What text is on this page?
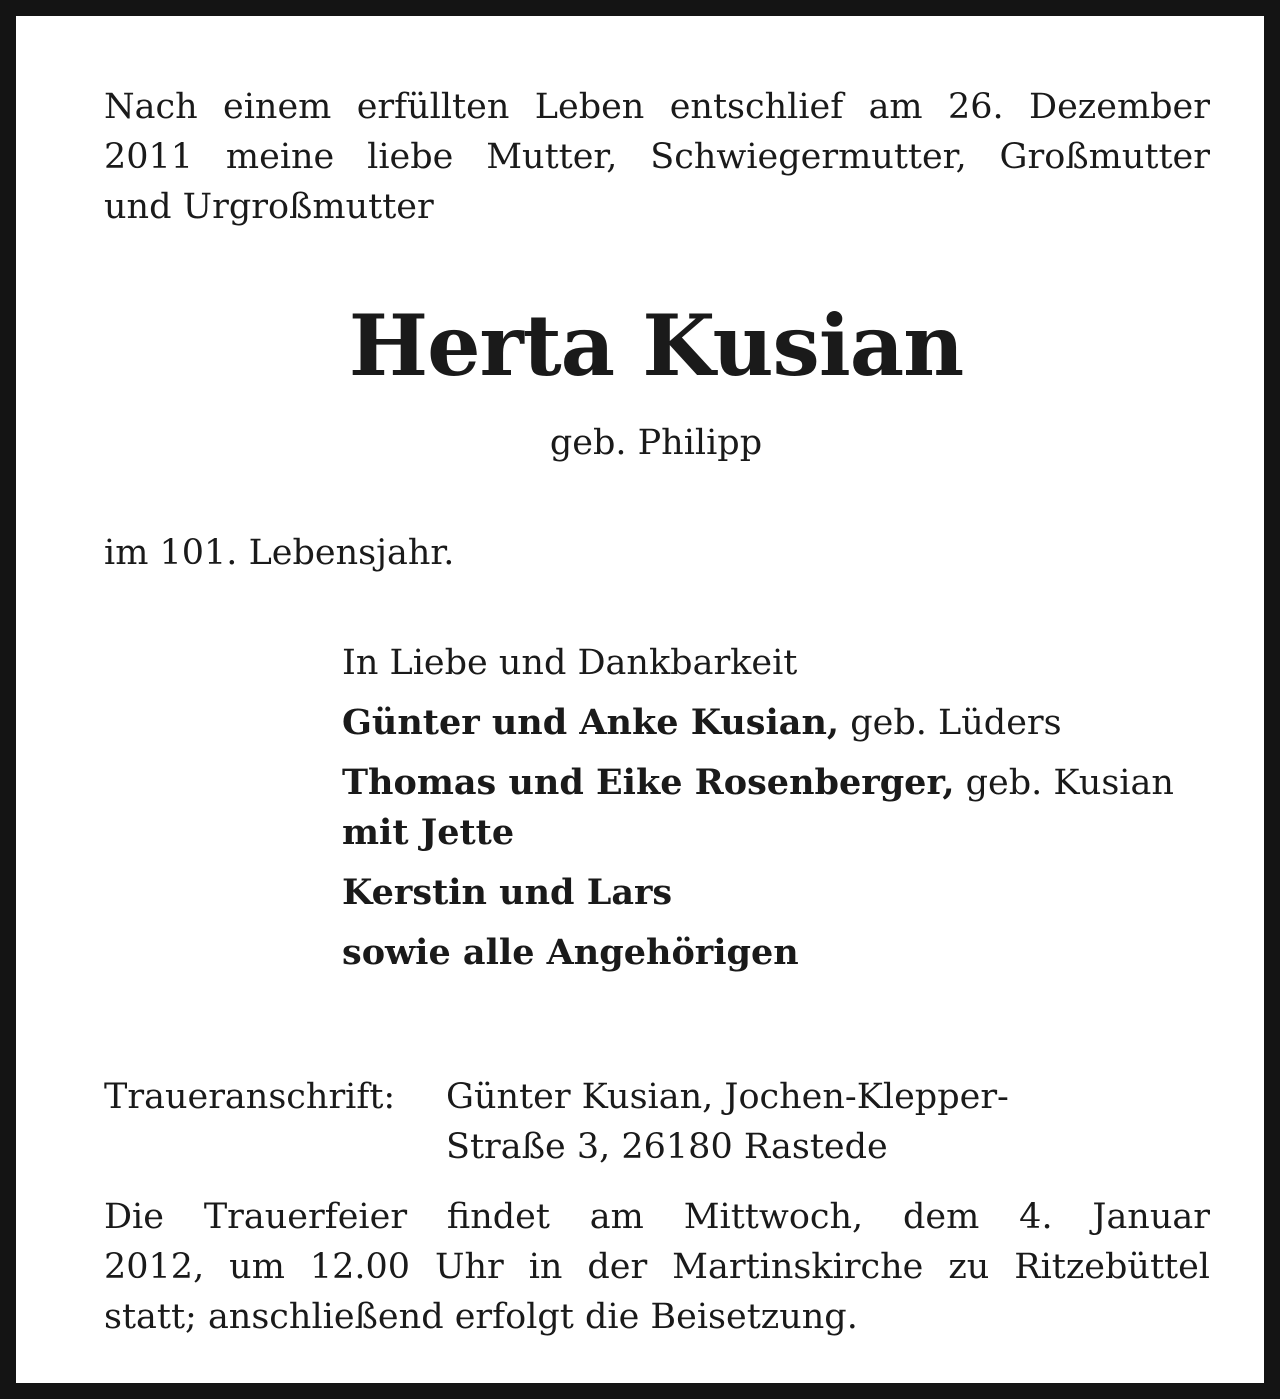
Nach einem erfüllten Leben entschlief am 26. Dezember
2011 meine liebe Mutter, Schwiegermutter, Großmutter
und Urgroßmutter
Herta Kusian
geb. Philipp
im 101. Lebensjahr.
In Liebe und Dankbarkeit
Günter und Anke Kusian, geb. Lüders
Thomas und Eike Rosenberger, geb. Kusian
mit Jette
Kerstin und Lars
sowie alle Angehörigen
Traueranschrift:	Günter Kusian, Jochen-Klepper-
Straße 3, 26180 Rastede
Die Trauerfeier findet am Mittwoch, dem 4. Januar
2012, um 12.00 Uhr in der Martinskirche zu Ritzebüttel
statt; anschließend erfolgt die Beisetzung.
